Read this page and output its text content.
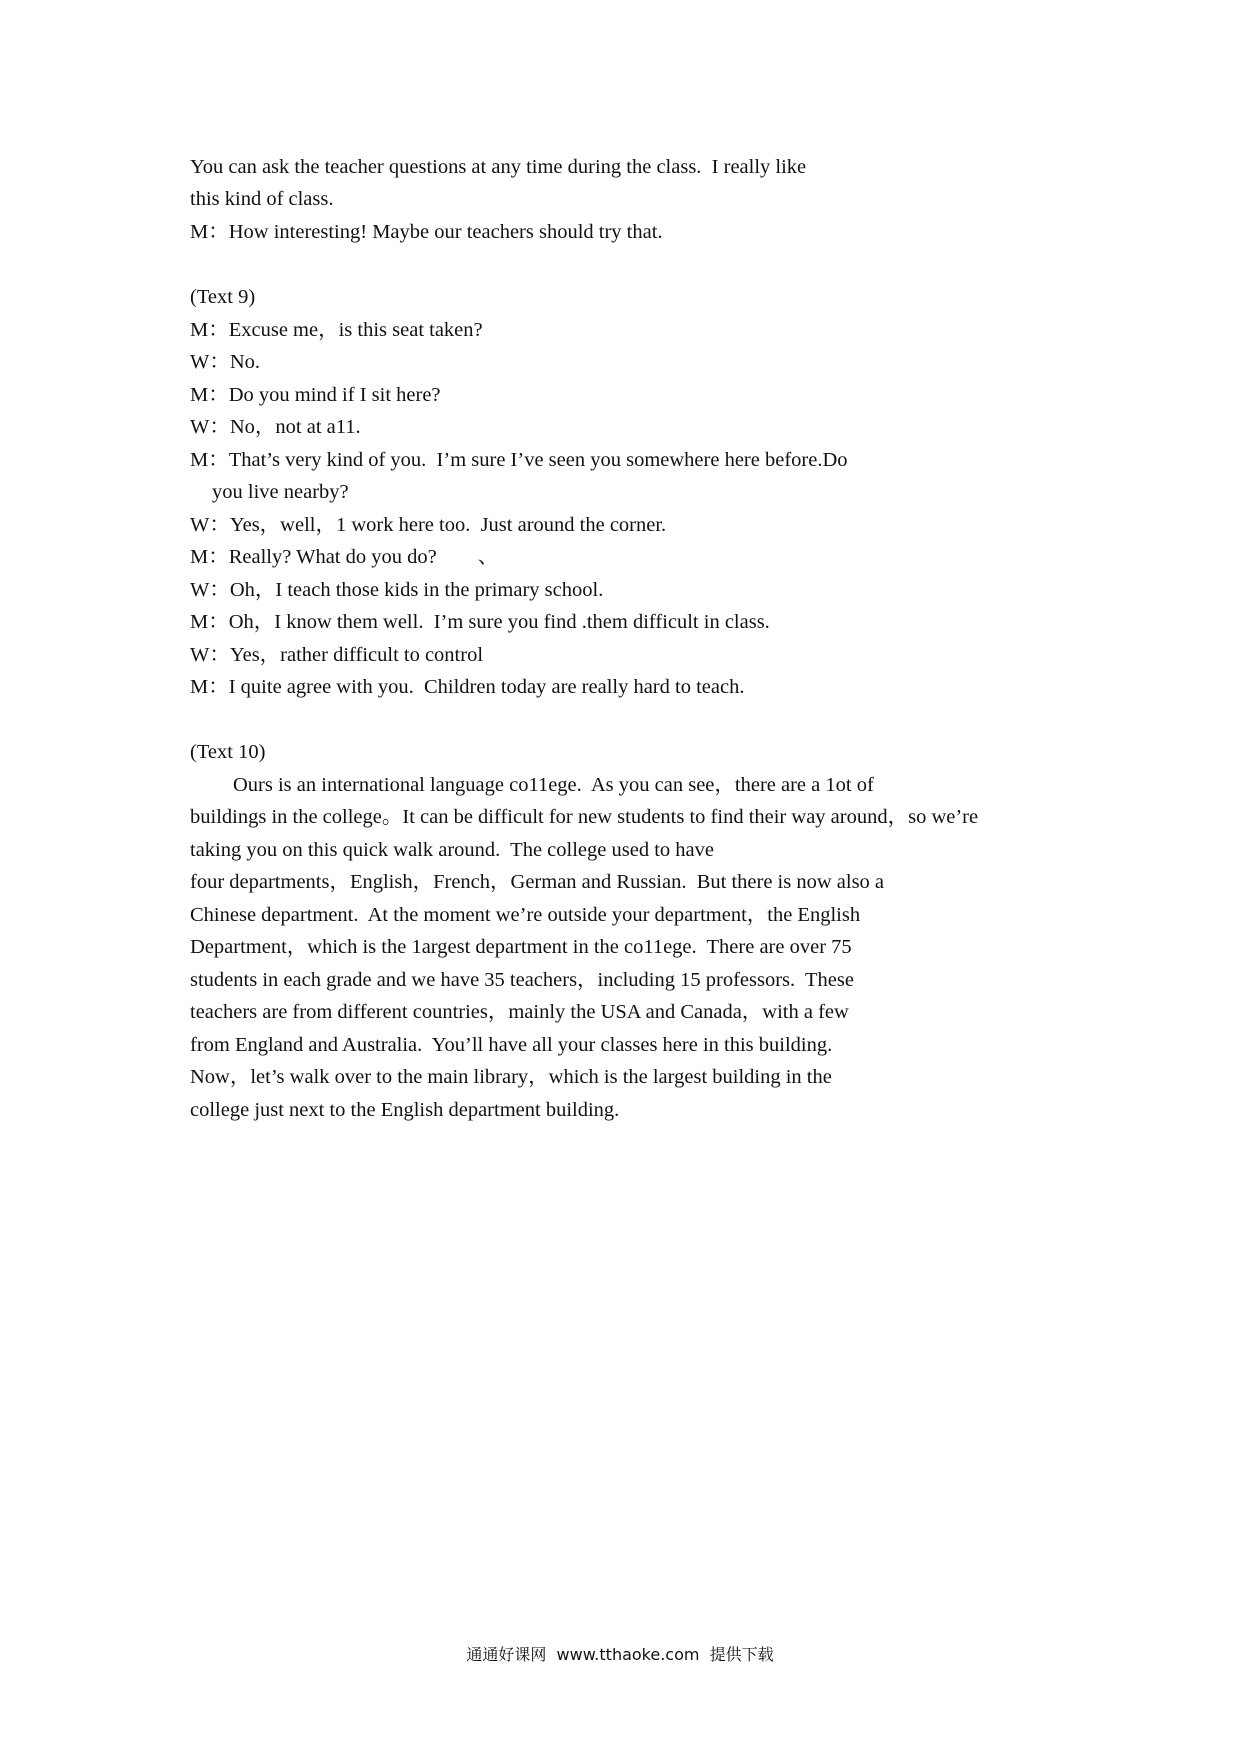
You can ask the teacher questions at any time during the class.  I really like
this kind of class.
M：How interesting! Maybe our teachers should try that.
(Text 9)
M：Excuse me，is this seat taken?
W：No.
M：Do you mind if I sit here?
W：No，not at a11.
M：That’s very kind of you.  I’m sure I’ve seen you somewhere here before.Do
you live nearby?
W：Yes，well，1 work here too.  Just around the corner.
M：Really? What do you do?        、
W：Oh，I teach those kids in the primary school.
M：Oh，I know them well.  I’m sure you find .them difficult in class.
W：Yes，rather difficult to control
M：I quite agree with you.  Children today are really hard to teach.
(Text 10)
Ours is an international language co11ege.  As you can see，there are a 1ot of
buildings in the college。It can be difficult for new students to find their way around，so we’re
taking you on this quick walk around.  The college used to have
four departments，English，French，German and Russian.  But there is now also a
Chinese department.  At the moment we’re outside your department，the English
Department，which is the 1argest department in the co11ege.  There are over 75
students in each grade and we have 35 teachers，including 15 professors.  These
teachers are from different countries，mainly the USA and Canada，with a few
from England and Australia.  You’ll have all your classes here in this building.
Now，let’s walk over to the main library，which is the largest building in the
college just next to the English department building.
通通好课网  www.tthaoke.com  提供下载
